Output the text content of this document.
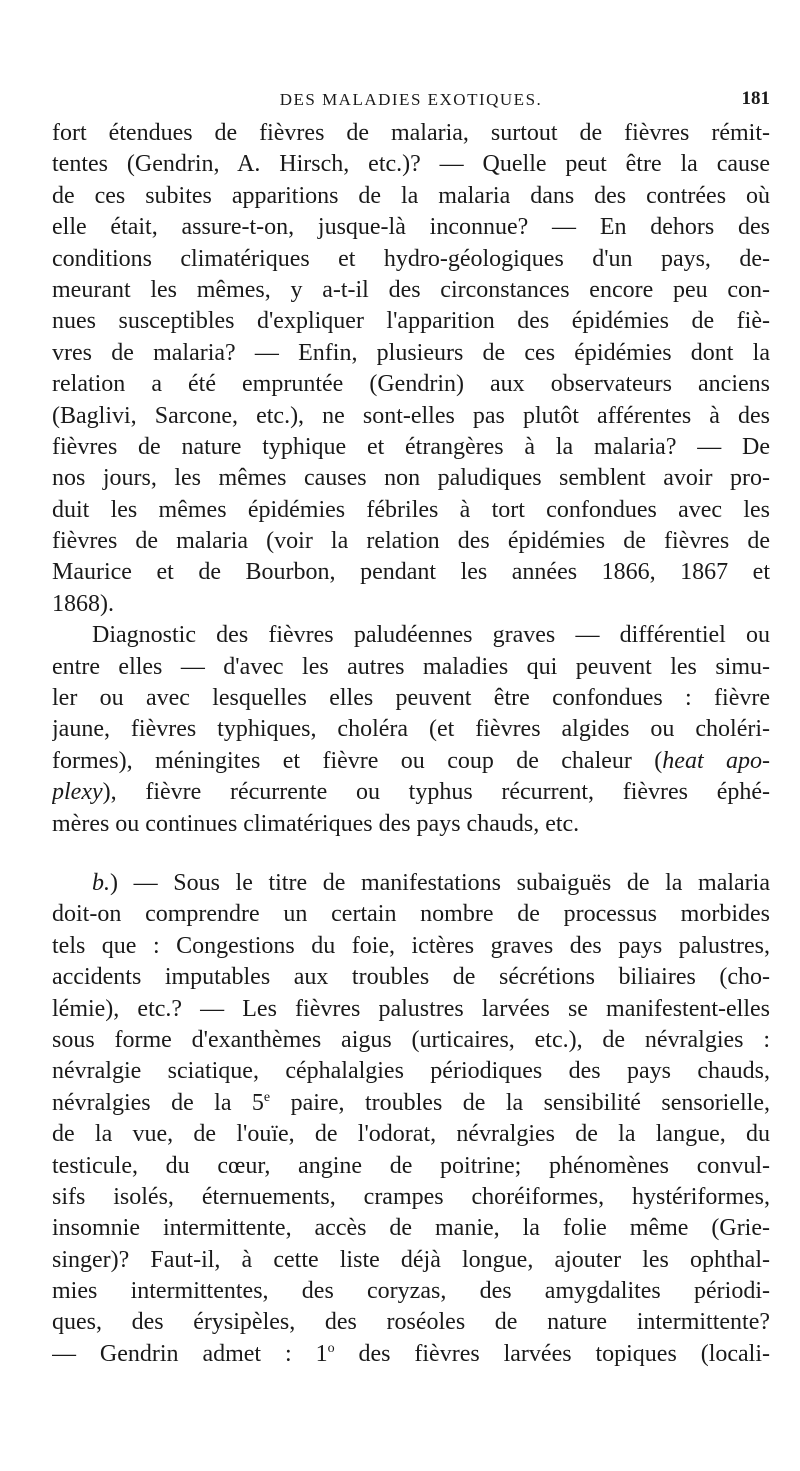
DES MALADIES EXOTIQUES.	181
fort étendues de fièvres de malaria, surtout de fièvres rémit-
tentes (Gendrin, A. Hirsch, etc.)? — Quelle peut être la cause
de ces subites apparitions de la malaria dans des contrées où
elle était, assure-t-on, jusque-là inconnue? — En dehors des
conditions climatériques et hydro-géologiques d'un pays, de-
meurant les mêmes, y a-t-il des circonstances encore peu con-
nues susceptibles d'expliquer l'apparition des épidémies de fiè-
vres de malaria? — Enfin, plusieurs de ces épidémies dont la
relation a été empruntée (Gendrin) aux observateurs anciens
(Baglivi, Sarcone, etc.), ne sont-elles pas plutôt afférentes à des
fièvres de nature typhique et étrangères à la malaria? — De
nos jours, les mêmes causes non paludiques semblent avoir pro-
duit les mêmes épidémies fébriles à tort confondues avec les
fièvres de malaria (voir la relation des épidémies de fièvres de
Maurice et de Bourbon, pendant les années 1866, 1867 et
1868).
Diagnostic des fièvres paludéennes graves — différentiel ou
entre elles — d'avec les autres maladies qui peuvent les simu-
ler ou avec lesquelles elles peuvent être confondues : fièvre
jaune, fièvres typhiques, choléra (et fièvres algides ou choléri-
formes), méningites et fièvre ou coup de chaleur (heat apo-
plexy), fièvre récurrente ou typhus récurrent, fièvres éphé-
mères ou continues climatériques des pays chauds, etc.
b.) — Sous le titre de manifestations subaiguës de la malaria
doit-on comprendre un certain nombre de processus morbides
tels que : Congestions du foie, ictères graves des pays palustres,
accidents imputables aux troubles de sécrétions biliaires (cho-
lémie), etc.? — Les fièvres palustres larvées se manifestent-elles
sous forme d'exanthèmes aigus (urticaires, etc.), de névralgies :
névralgie sciatique, céphalalgies périodiques des pays chauds,
névralgies de la 5e paire, troubles de la sensibilité sensorielle,
de la vue, de l'ouïe, de l'odorat, névralgies de la langue, du
testicule, du cœur, angine de poitrine; phénomènes convul-
sifs isolés, éternuements, crampes choréiformes, hystériformes,
insomnie intermittente, accès de manie, la folie même (Grie-
singer)? Faut-il, à cette liste déjà longue, ajouter les ophthal-
mies intermittentes, des coryzas, des amygdalites périodi-
ques, des érysipèles, des roséoles de nature intermittente?
— Gendrin admet : 1$^o$ des fièvres larvées topiques (locali-
